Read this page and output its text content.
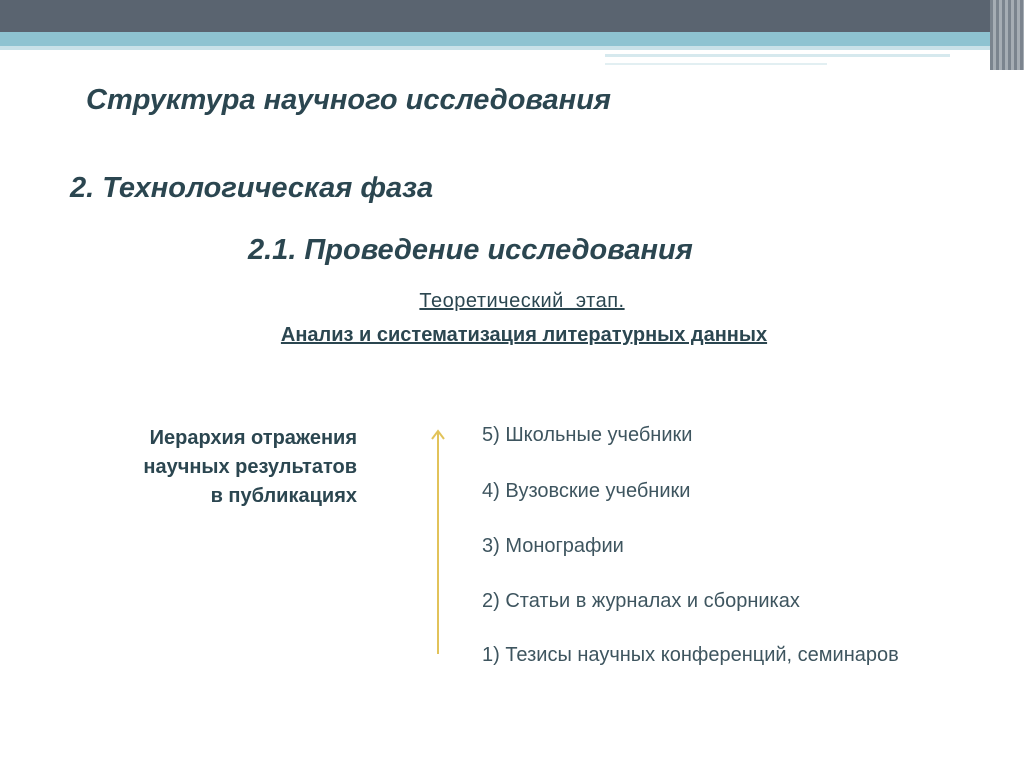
Структура научного исследования
2. Технологическая фаза
2.1. Проведение исследования
Теоретический  этап.
Анализ и систематизация литературных данных
Иерархия отражения
научных результатов
в публикациях
5) Школьные учебники
4) Вузовские учебники
3) Монографии
2) Статьи в журналах и сборниках
1) Тезисы научных конференций, семинаров
